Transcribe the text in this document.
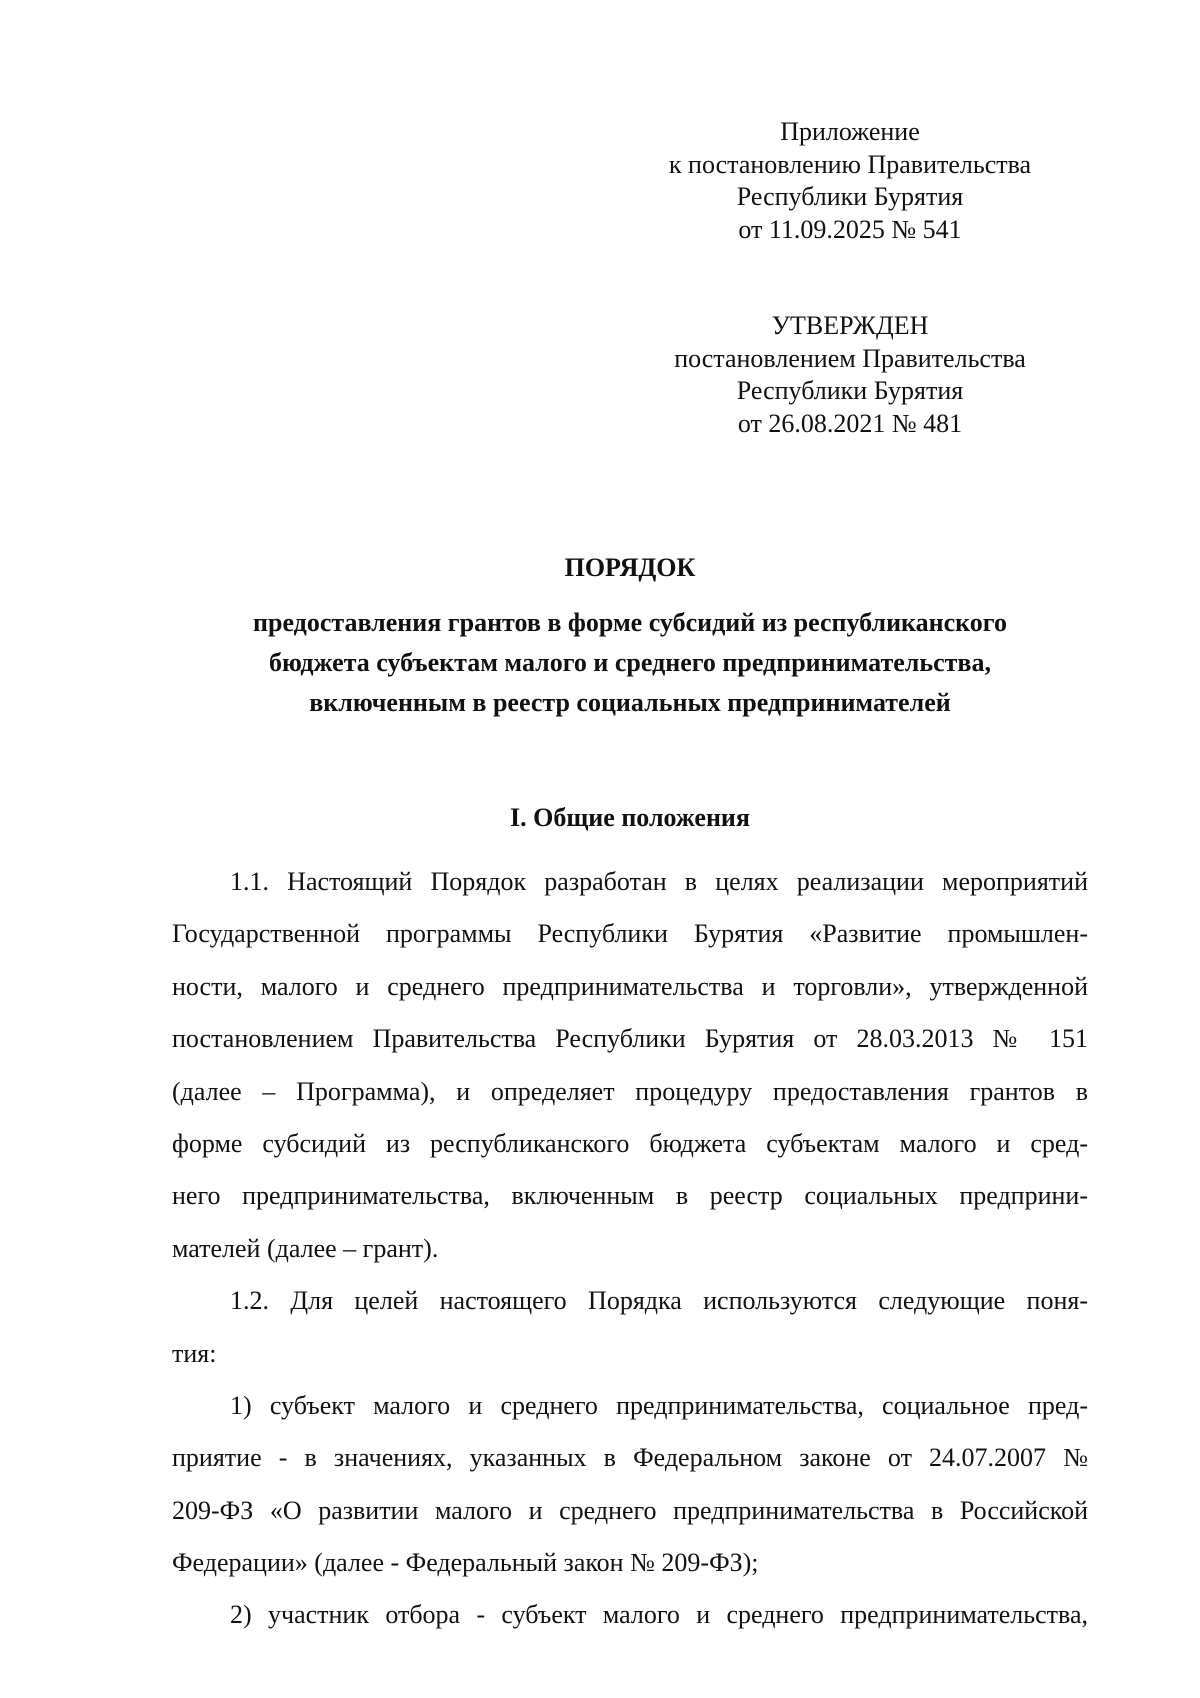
Приложение
к постановлению Правительства
Республики Бурятия
от 11.09.2025 № 541
УТВЕРЖДЕН
постановлением Правительства
Республики Бурятия
от 26.08.2021 № 481
ПОРЯДОК
предоставления грантов в форме субсидий из республиканского
бюджета субъектам малого и среднего предпринимательства,
включенным в реестр социальных предпринимателей
I. Общие положения
1.1. Настоящий Порядок разработан в целях реализации мероприятий
Государственной программы Республики Бурятия «Развитие промышлен-
ности, малого и среднего предпринимательства и торговли», утвержденной
постановлением Правительства Республики Бурятия от 28.03.2013 № 151
(далее – Программа), и определяет процедуру предоставления грантов в
форме субсидий из республиканского бюджета субъектам малого и сред-
него предпринимательства, включенным в реестр социальных предприни-
мателей (далее – грант).
1.2. Для целей настоящего Порядка используются следующие поня-
тия:
1) субъект малого и среднего предпринимательства, социальное пред-
приятие - в значениях, указанных в Федеральном законе от 24.07.2007 №
209-ФЗ «О развитии малого и среднего предпринимательства в Российской
Федерации» (далее - Федеральный закон № 209-ФЗ);
2) участник отбора - субъект малого и среднего предпринимательства,
